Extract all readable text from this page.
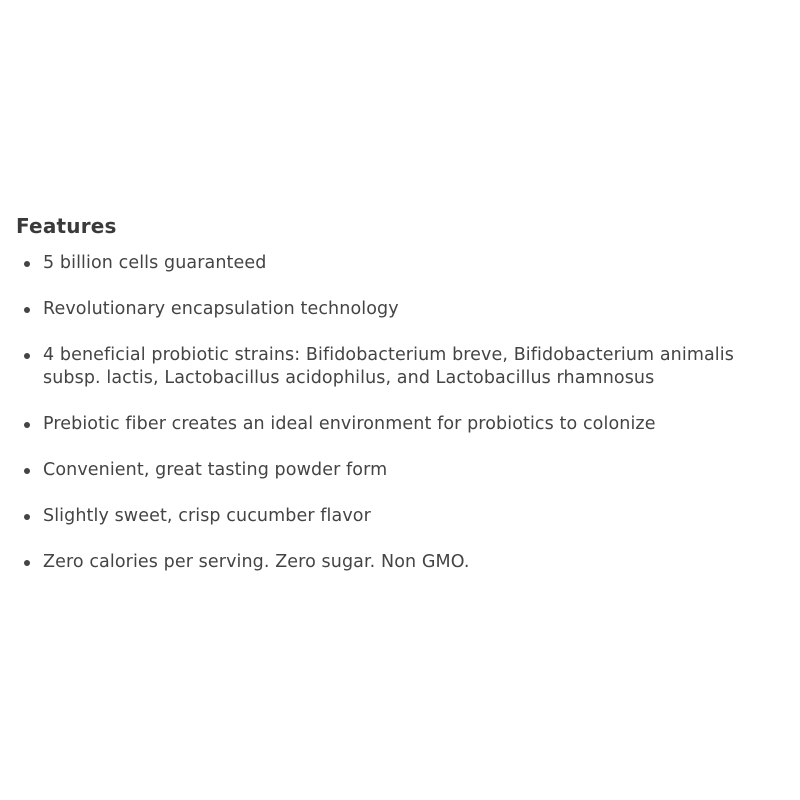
Features
5 billion cells guaranteed
Revolutionary encapsulation technology
4 beneficial probiotic strains: Bifidobacterium breve, Bifidobacterium animalis subsp. lactis, Lactobacillus acidophilus, and Lactobacillus rhamnosus
Prebiotic fiber creates an ideal environment for probiotics to colonize
Convenient, great tasting powder form
Slightly sweet, crisp cucumber flavor
Zero calories per serving. Zero sugar. Non GMO.
